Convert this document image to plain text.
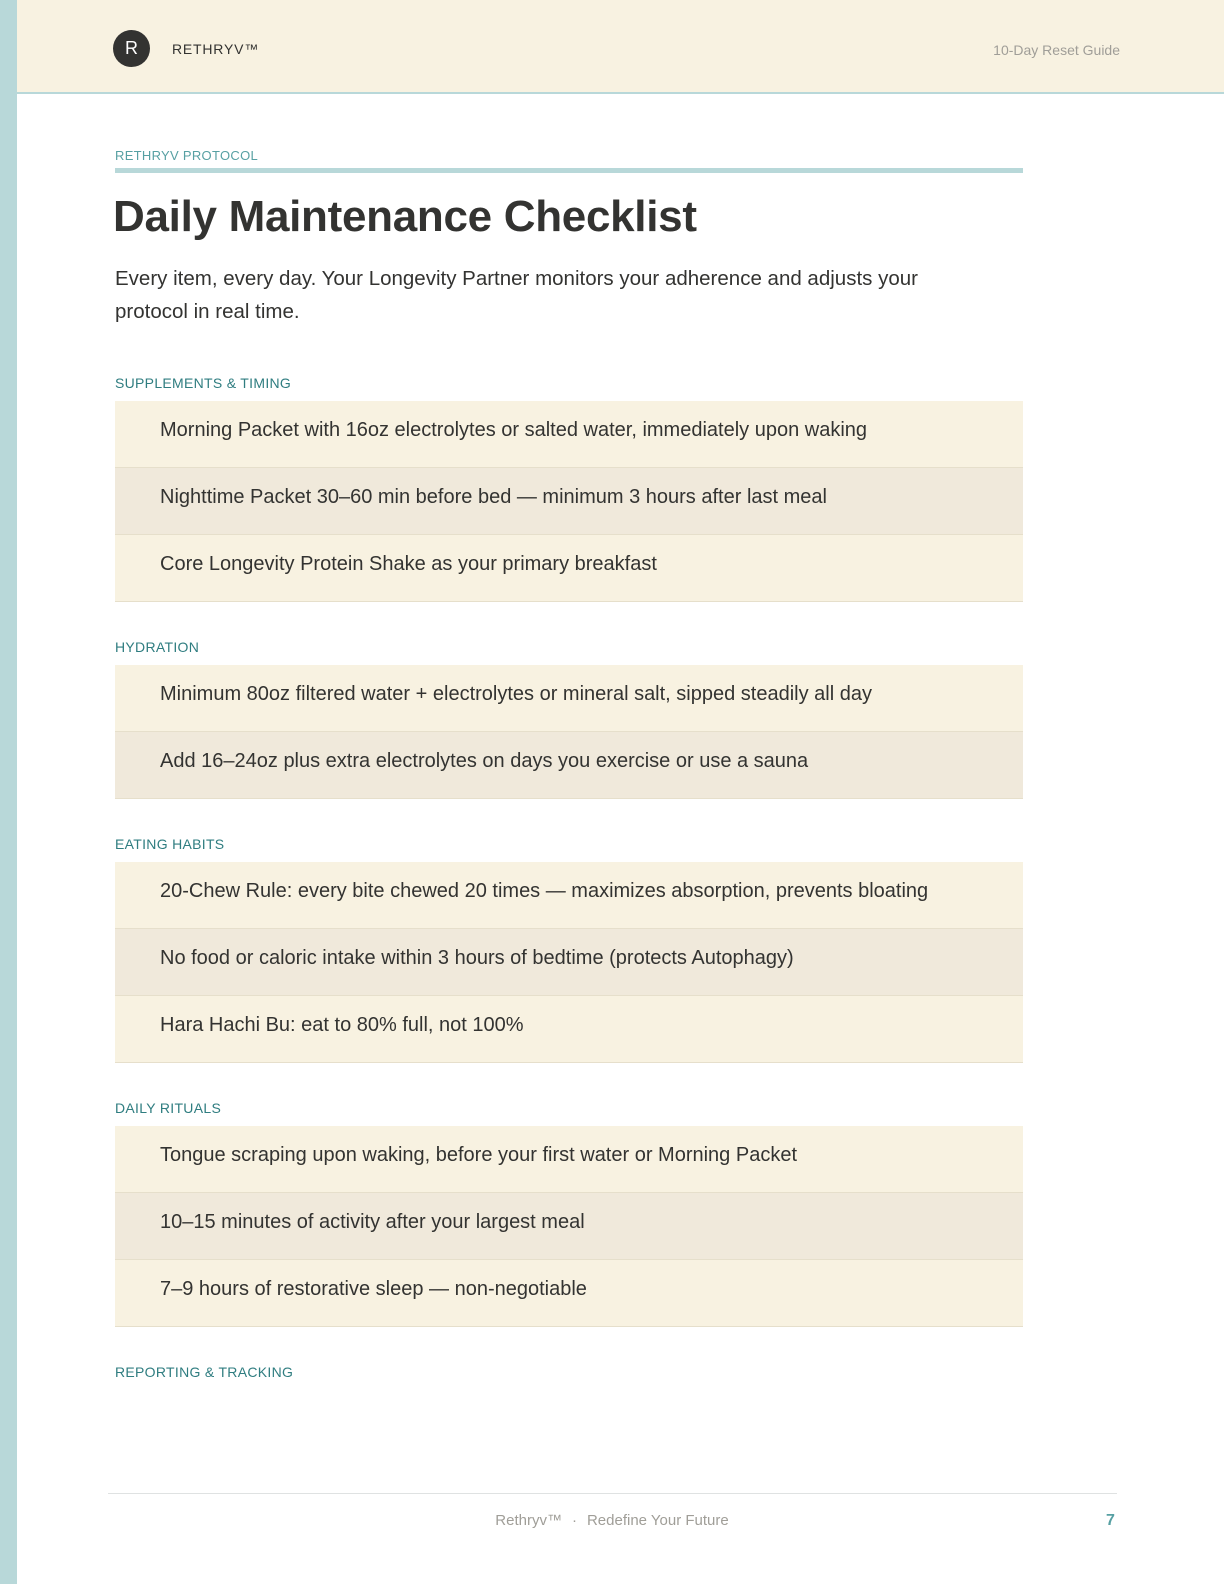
R	RETHRYV™	10-Day Reset Guide
RETHRYV PROTOCOL
Daily Maintenance Checklist

Every item, every day. Your Longevity Partner monitors your adherence and adjusts your protocol in real time.

SUPPLEMENTS & TIMING
Morning Packet with 16oz electrolytes or salted water, immediately upon waking
Nighttime Packet 30–60 min before bed — minimum 3 hours after last meal
Core Longevity Protein Shake as your primary breakfast
HYDRATION
Minimum 80oz filtered water + electrolytes or mineral salt, sipped steadily all day
Add 16–24oz plus extra electrolytes on days you exercise or use a sauna
EATING HABITS
20-Chew Rule: every bite chewed 20 times — maximizes absorption, prevents bloating
No food or caloric intake within 3 hours of bedtime (protects Autophagy)
Hara Hachi Bu: eat to 80% full, not 100%
DAILY RITUALS
Tongue scraping upon waking, before your first water or Morning Packet
10–15 minutes of activity after your largest meal
7–9 hours of restorative sleep — non-negotiable
REPORTING & TRACKING
Rethryv™ · Redefine Your Future	7
